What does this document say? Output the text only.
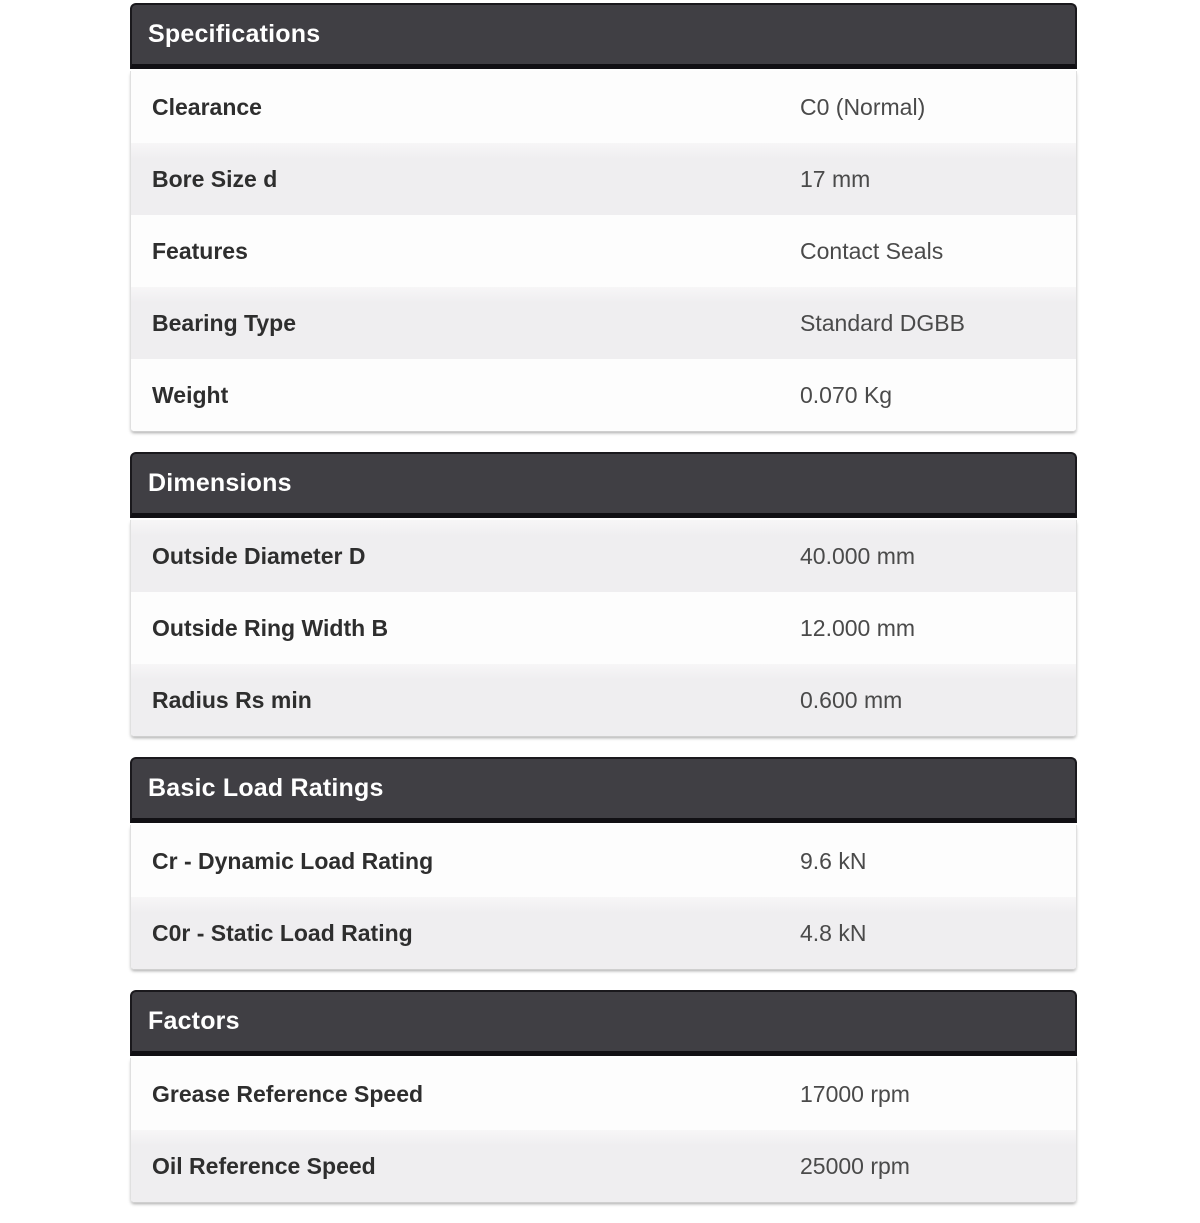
Specifications
Clearance	C0 (Normal)
Bore Size d	17 mm
Features	Contact Seals
Bearing Type	Standard DGBB
Weight	0.070 Kg
Dimensions
Outside Diameter D	40.000 mm
Outside Ring Width B	12.000 mm
Radius Rs min	0.600 mm
Basic Load Ratings
Cr - Dynamic Load Rating	9.6 kN
C0r - Static Load Rating	4.8 kN
Factors
Grease Reference Speed	17000 rpm
Oil Reference Speed	25000 rpm
